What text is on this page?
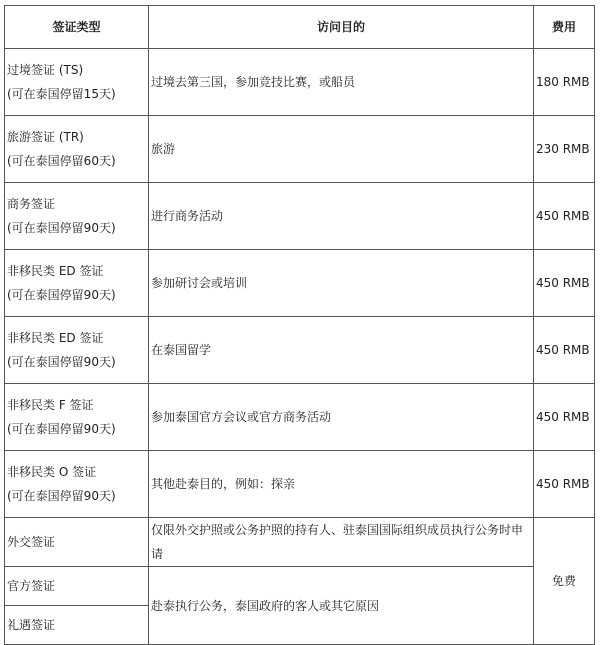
签证类型	访问目的	费用

过境签证 (TS)
(可在泰国停留15天)	过境去第三国，参加竞技比赛，或船员	180 RMB

旅游签证 (TR)
(可在泰国停留60天)	旅游	230 RMB

商务签证
(可在泰国停留90天)	进行商务活动	450 RMB

非移民类 ED 签证
(可在泰国停留90天)	参加研讨会或培训	450 RMB

非移民类 ED 签证
(可在泰国停留90天)	在泰国留学	450 RMB

非移民类 F 签证
(可在泰国停留90天)	参加泰国官方会议或官方商务活动	450 RMB

非移民类 O 签证
(可在泰国停留90天)	其他赴泰目的，例如：探亲	450 RMB
外交签证	仅限外交护照或公务护照的持有人、驻泰国国际组织成员执行公务时申请	免费
官方签证	赴泰执行公务，泰国政府的客人或其它原因	
礼遇签证		
